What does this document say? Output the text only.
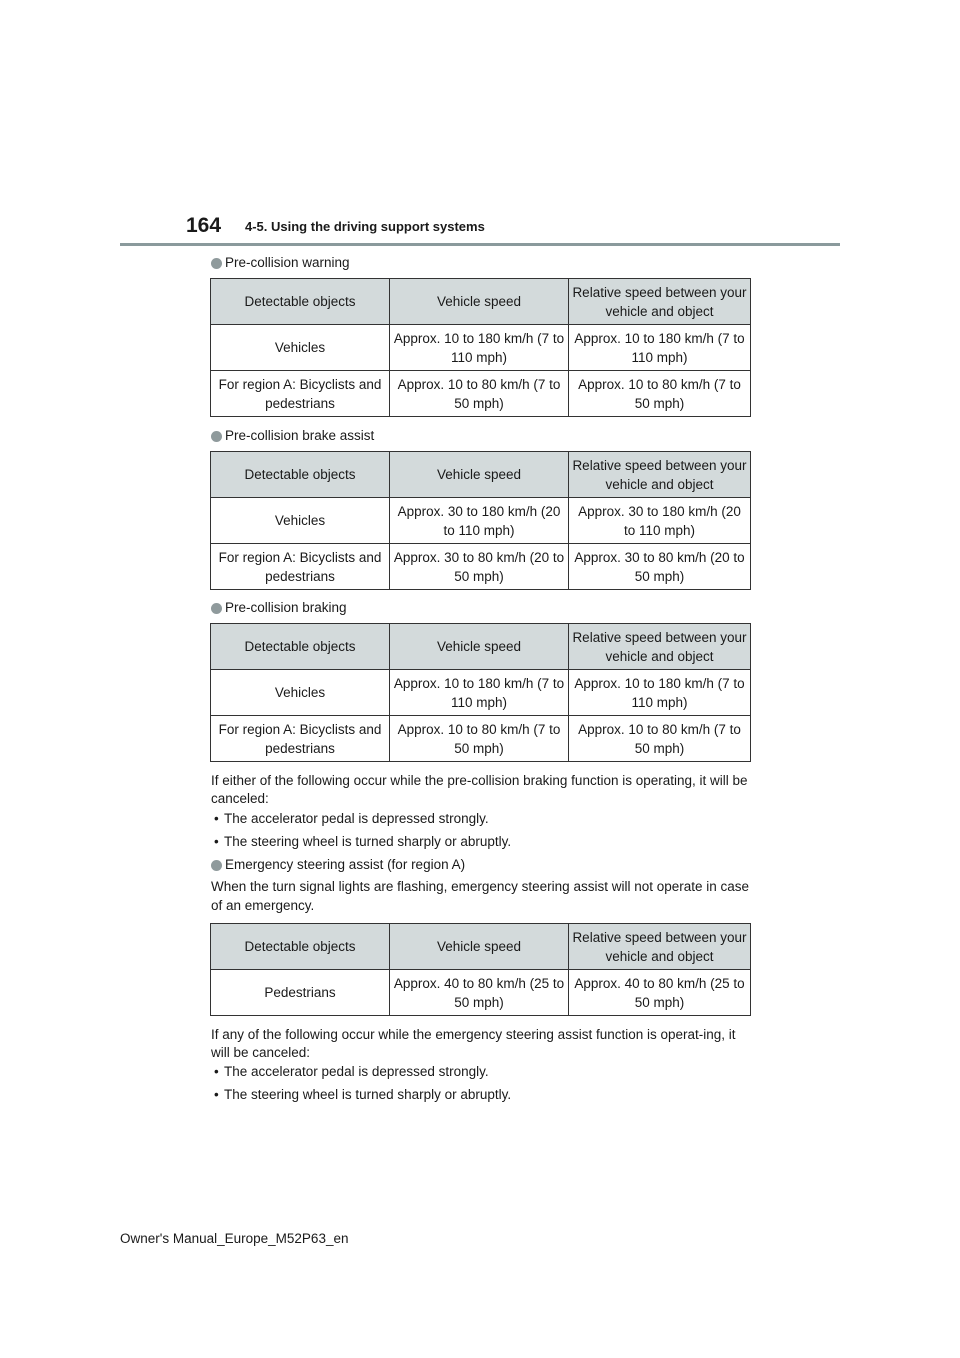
164 4-5. Using the driving support systems
Pre-collision warning
Detectable objects	Vehicle speed	Relative speed between your vehicle and object
Vehicles	Approx. 10 to 180 km/h (7 to 110 mph)	Approx. 10 to 180 km/h (7 to 110 mph)
For region A: Bicyclists and pedestrians	Approx. 10 to 80 km/h (7 to 50 mph)	Approx. 10 to 80 km/h (7 to 50 mph)
Pre-collision brake assist
Detectable objects	Vehicle speed	Relative speed between your vehicle and object
Vehicles	Approx. 30 to 180 km/h (20 to 110 mph)	Approx. 30 to 180 km/h (20 to 110 mph)
For region A: Bicyclists and pedestrians	Approx. 30 to 80 km/h (20 to 50 mph)	Approx. 30 to 80 km/h (20 to 50 mph)
Pre-collision braking
Detectable objects	Vehicle speed	Relative speed between your vehicle and object
Vehicles	Approx. 10 to 180 km/h (7 to 110 mph)	Approx. 10 to 180 km/h (7 to 110 mph)
For region A: Bicyclists and pedestrians	Approx. 10 to 80 km/h (7 to 50 mph)	Approx. 10 to 80 km/h (7 to 50 mph)
If either of the following occur while the pre-collision braking function is operating, it will be canceled:
• The accelerator pedal is depressed strongly.
• The steering wheel is turned sharply or abruptly.
Emergency steering assist (for region A)
When the turn signal lights are flashing, emergency steering assist will not operate in case of an emergency.
Detectable objects	Vehicle speed	Relative speed between your vehicle and object
Pedestrians	Approx. 40 to 80 km/h (25 to 50 mph)	Approx. 40 to 80 km/h (25 to 50 mph)
If any of the following occur while the emergency steering assist function is operat-ing, it will be canceled:
• The accelerator pedal is depressed strongly.
• The steering wheel is turned sharply or abruptly.
Owner's Manual_Europe_M52P63_en
